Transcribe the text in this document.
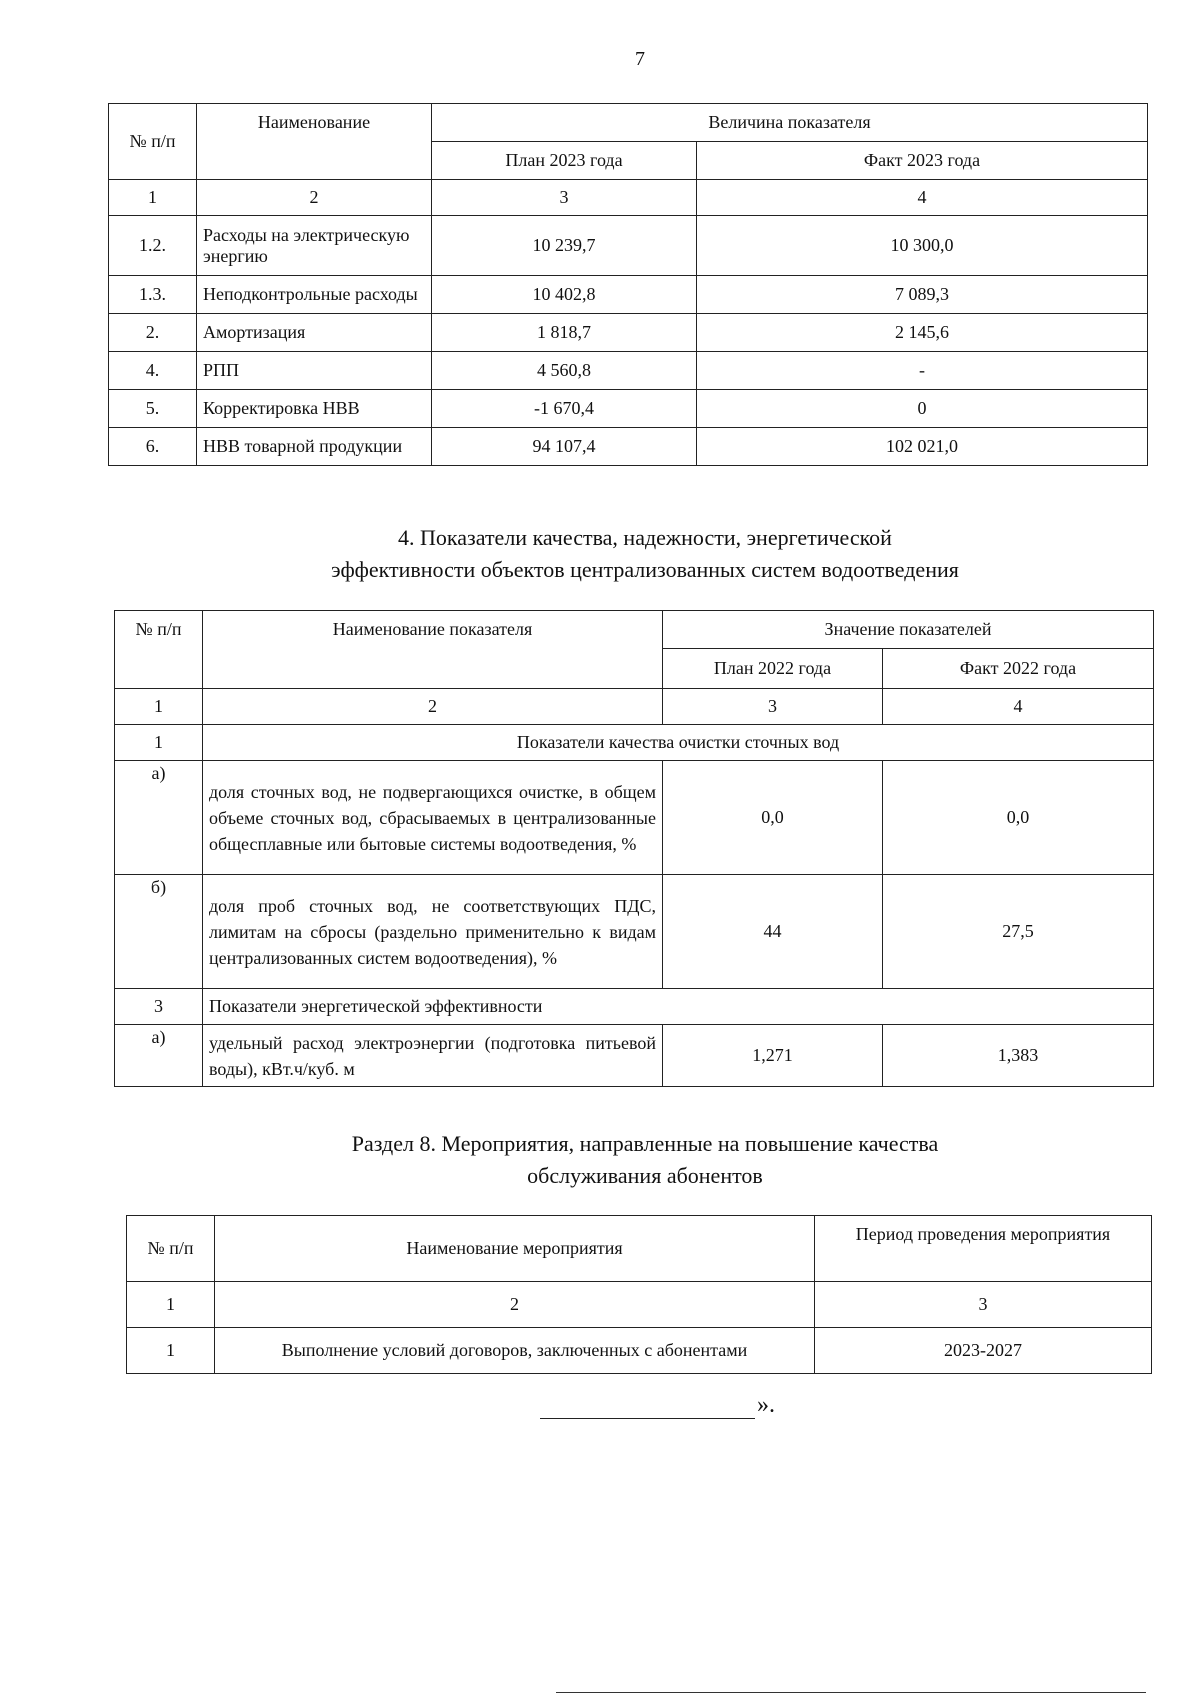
7
№ п/п	Наименование	Величина показателя	
		План 2023 года	Факт 2023 года
1	2	3	4
1.2.	Расходы на электрическую энергию	10 239,7	10 300,0
1.3.	Неподконтрольные расходы	10 402,8	7 089,3
2.	Амортизация	1 818,7	2 145,6
4.	РПП	4 560,8	-
5.	Корректировка НВВ	-1 670,4	0
6.	НВВ товарной продукции	94 107,4	102 021,0
4. Показатели качества, надежности, энергетической
эффективности объектов централизованных систем водоотведения
№ п/п	Наименование показателя	Значение показателей	
		План 2022 года	Факт 2022 года
1	2	3	4
1	Показатели качества очистки сточных вод		
а)	доля сточных вод, не подвергающихся очистке, в общем объеме сточных вод, сбрасываемых в централизованные общесплавные или бытовые системы водоотведения, %	0,0	0,0
б)	доля проб сточных вод, не соответствующих ПДС, лимитам на сбросы (раздельно применительно к видам централизованных систем водоотведения), %	44	27,5
3	Показатели энергетической эффективности		
а)	удельный расход электроэнергии (подготовка питьевой воды), кВт.ч/куб. м	1,271	1,383
Раздел 8. Мероприятия, направленные на повышение качества
обслуживания абонентов
№ п/п	Наименование мероприятия	Период проведения мероприятия
1	2	3
1	Выполнение условий договоров, заключенных с абонентами	2023-2027
».
